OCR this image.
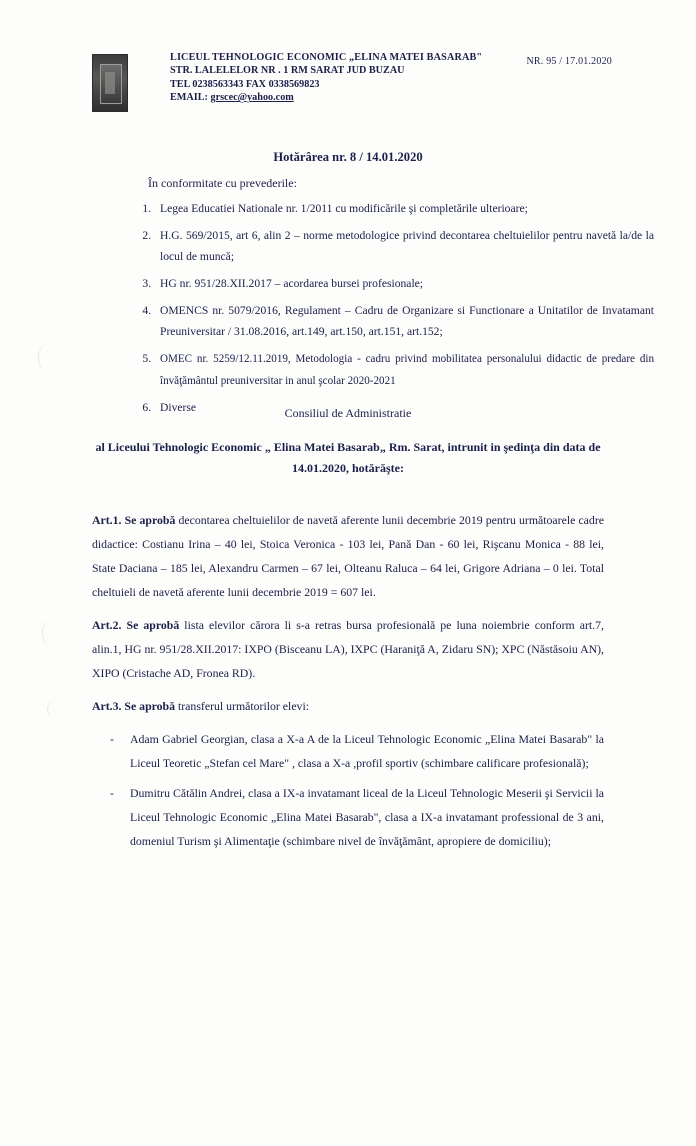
LICEUL TEHNOLOGIC ECONOMIC „ELINA MATEI BASARAB"
STR. LALELELOR NR . 1 RM SARAT JUD BUZAU
TEL 0238563343 FAX 0338569823
EMAIL: grscec@yahoo.com
NR. 95 / 17.01.2020
Hotărârea nr. 8 / 14.01.2020
În conformitate cu prevederile:
1. Legea Educatiei Nationale nr. 1/2011 cu modificările şi completările ulterioare;
2. H.G. 569/2015, art 6, alin 2 – norme metodologice privind decontarea cheltuielilor pentru navetă la/de la locul de muncă;
3. HG nr. 951/28.XII.2017 – acordarea bursei profesionale;
4. OMENCS nr. 5079/2016, Regulament – Cadru de Organizare si Functionare a Unitatilor de Invatamant Preuniversitar / 31.08.2016, art.149, art.150, art.151, art.152;
5. OMEC nr. 5259/12.11.2019, Metodologia - cadru privind mobilitatea personalului didactic de predare din învăţământul preuniversitar in anul şcolar 2020-2021
6. Diverse	Consiliul de Administratie
al Liceului Tehnologic Economic „ Elina Matei Basarab„ Rm. Sarat, intrunit in şedinţa din data de 14.01.2020, hotărăşte:
Art.1. Se aprobă decontarea cheltuielilor de navetă aferente lunii decembrie 2019 pentru următoarele cadre didactice: Costianu Irina – 40 lei, Stoica Veronica - 103 lei, Pană Dan - 60 lei, Rişcanu Monica - 88 lei, State Daciana – 185 lei, Alexandru Carmen – 67 lei, Olteanu Raluca – 64 lei, Grigore Adriana – 0 lei. Total cheltuieli de navetă aferente lunii decembrie 2019 = 607 lei.
Art.2. Se aprobă lista elevilor cărora li s-a retras bursa profesională pe luna noiembrie conform art.7, alin.1, HG nr. 951/28.XII.2017: IXPO (Bisceanu LA), IXPC (Haraniţă A, Zidaru SN); XPC (Năstăsoiu AN), XIPO (Cristache AD, Fronea RD).
Art.3. Se aprobă transferul următorilor elevi:
- Adam Gabriel Georgian, clasa a X-a A de la Liceul Tehnologic Economic „Elina Matei Basarab" la Liceul Teoretic „Stefan cel Mare" , clasa a X-a ,profil sportiv (schimbare calificare profesională);
- Dumitru Cătălin Andrei, clasa a IX-a invatamant liceal de la Liceul Tehnologic Meserii şi Servicii la Liceul Tehnologic Economic „Elina Matei Basarab", clasa a IX-a invatamant professional de 3 ani, domeniul Turism şi Alimentaţie (schimbare nivel de învăţământ, apropiere de domiciliu);
